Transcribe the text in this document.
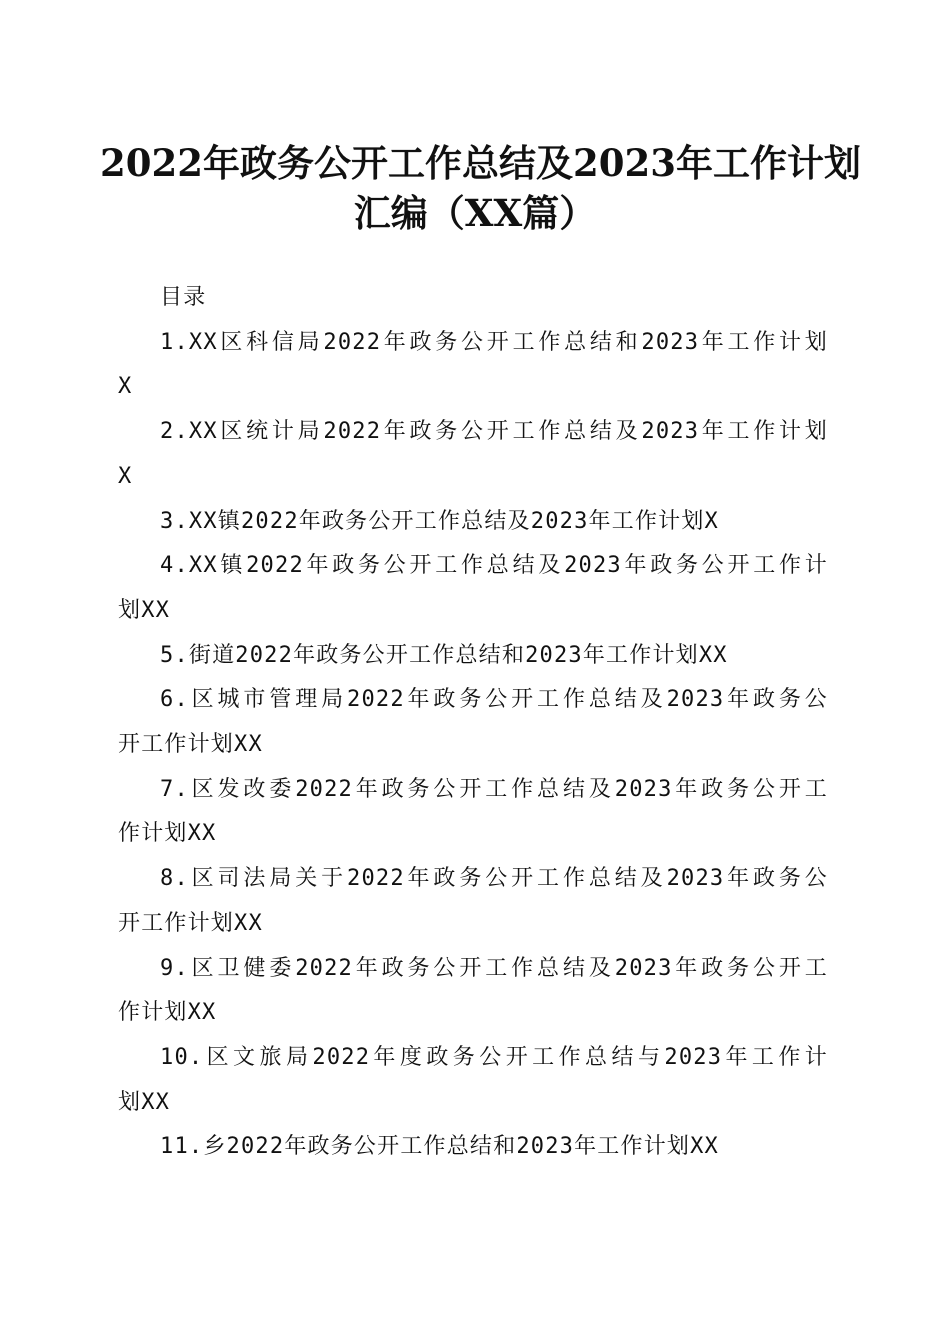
2022年政务公开工作总结及2023年工作计划
汇编（XX篇）
目录
1.XX区科信局2022年政务公开工作总结和2023年工作计划
X
2.XX区统计局2022年政务公开工作总结及2023年工作计划
X
3.XX镇2022年政务公开工作总结及2023年工作计划X
4.XX镇2022年政务公开工作总结及2023年政务公开工作计
划XX
5.街道2022年政务公开工作总结和2023年工作计划XX
6.区城市管理局2022年政务公开工作总结及2023年政务公
开工作计划XX
7.区发改委2022年政务公开工作总结及2023年政务公开工
作计划XX
8.区司法局关于2022年政务公开工作总结及2023年政务公
开工作计划XX
9.区卫健委2022年政务公开工作总结及2023年政务公开工
作计划XX
10.区文旅局2022年度政务公开工作总结与2023年工作计
划XX
11.乡2022年政务公开工作总结和2023年工作计划XX
